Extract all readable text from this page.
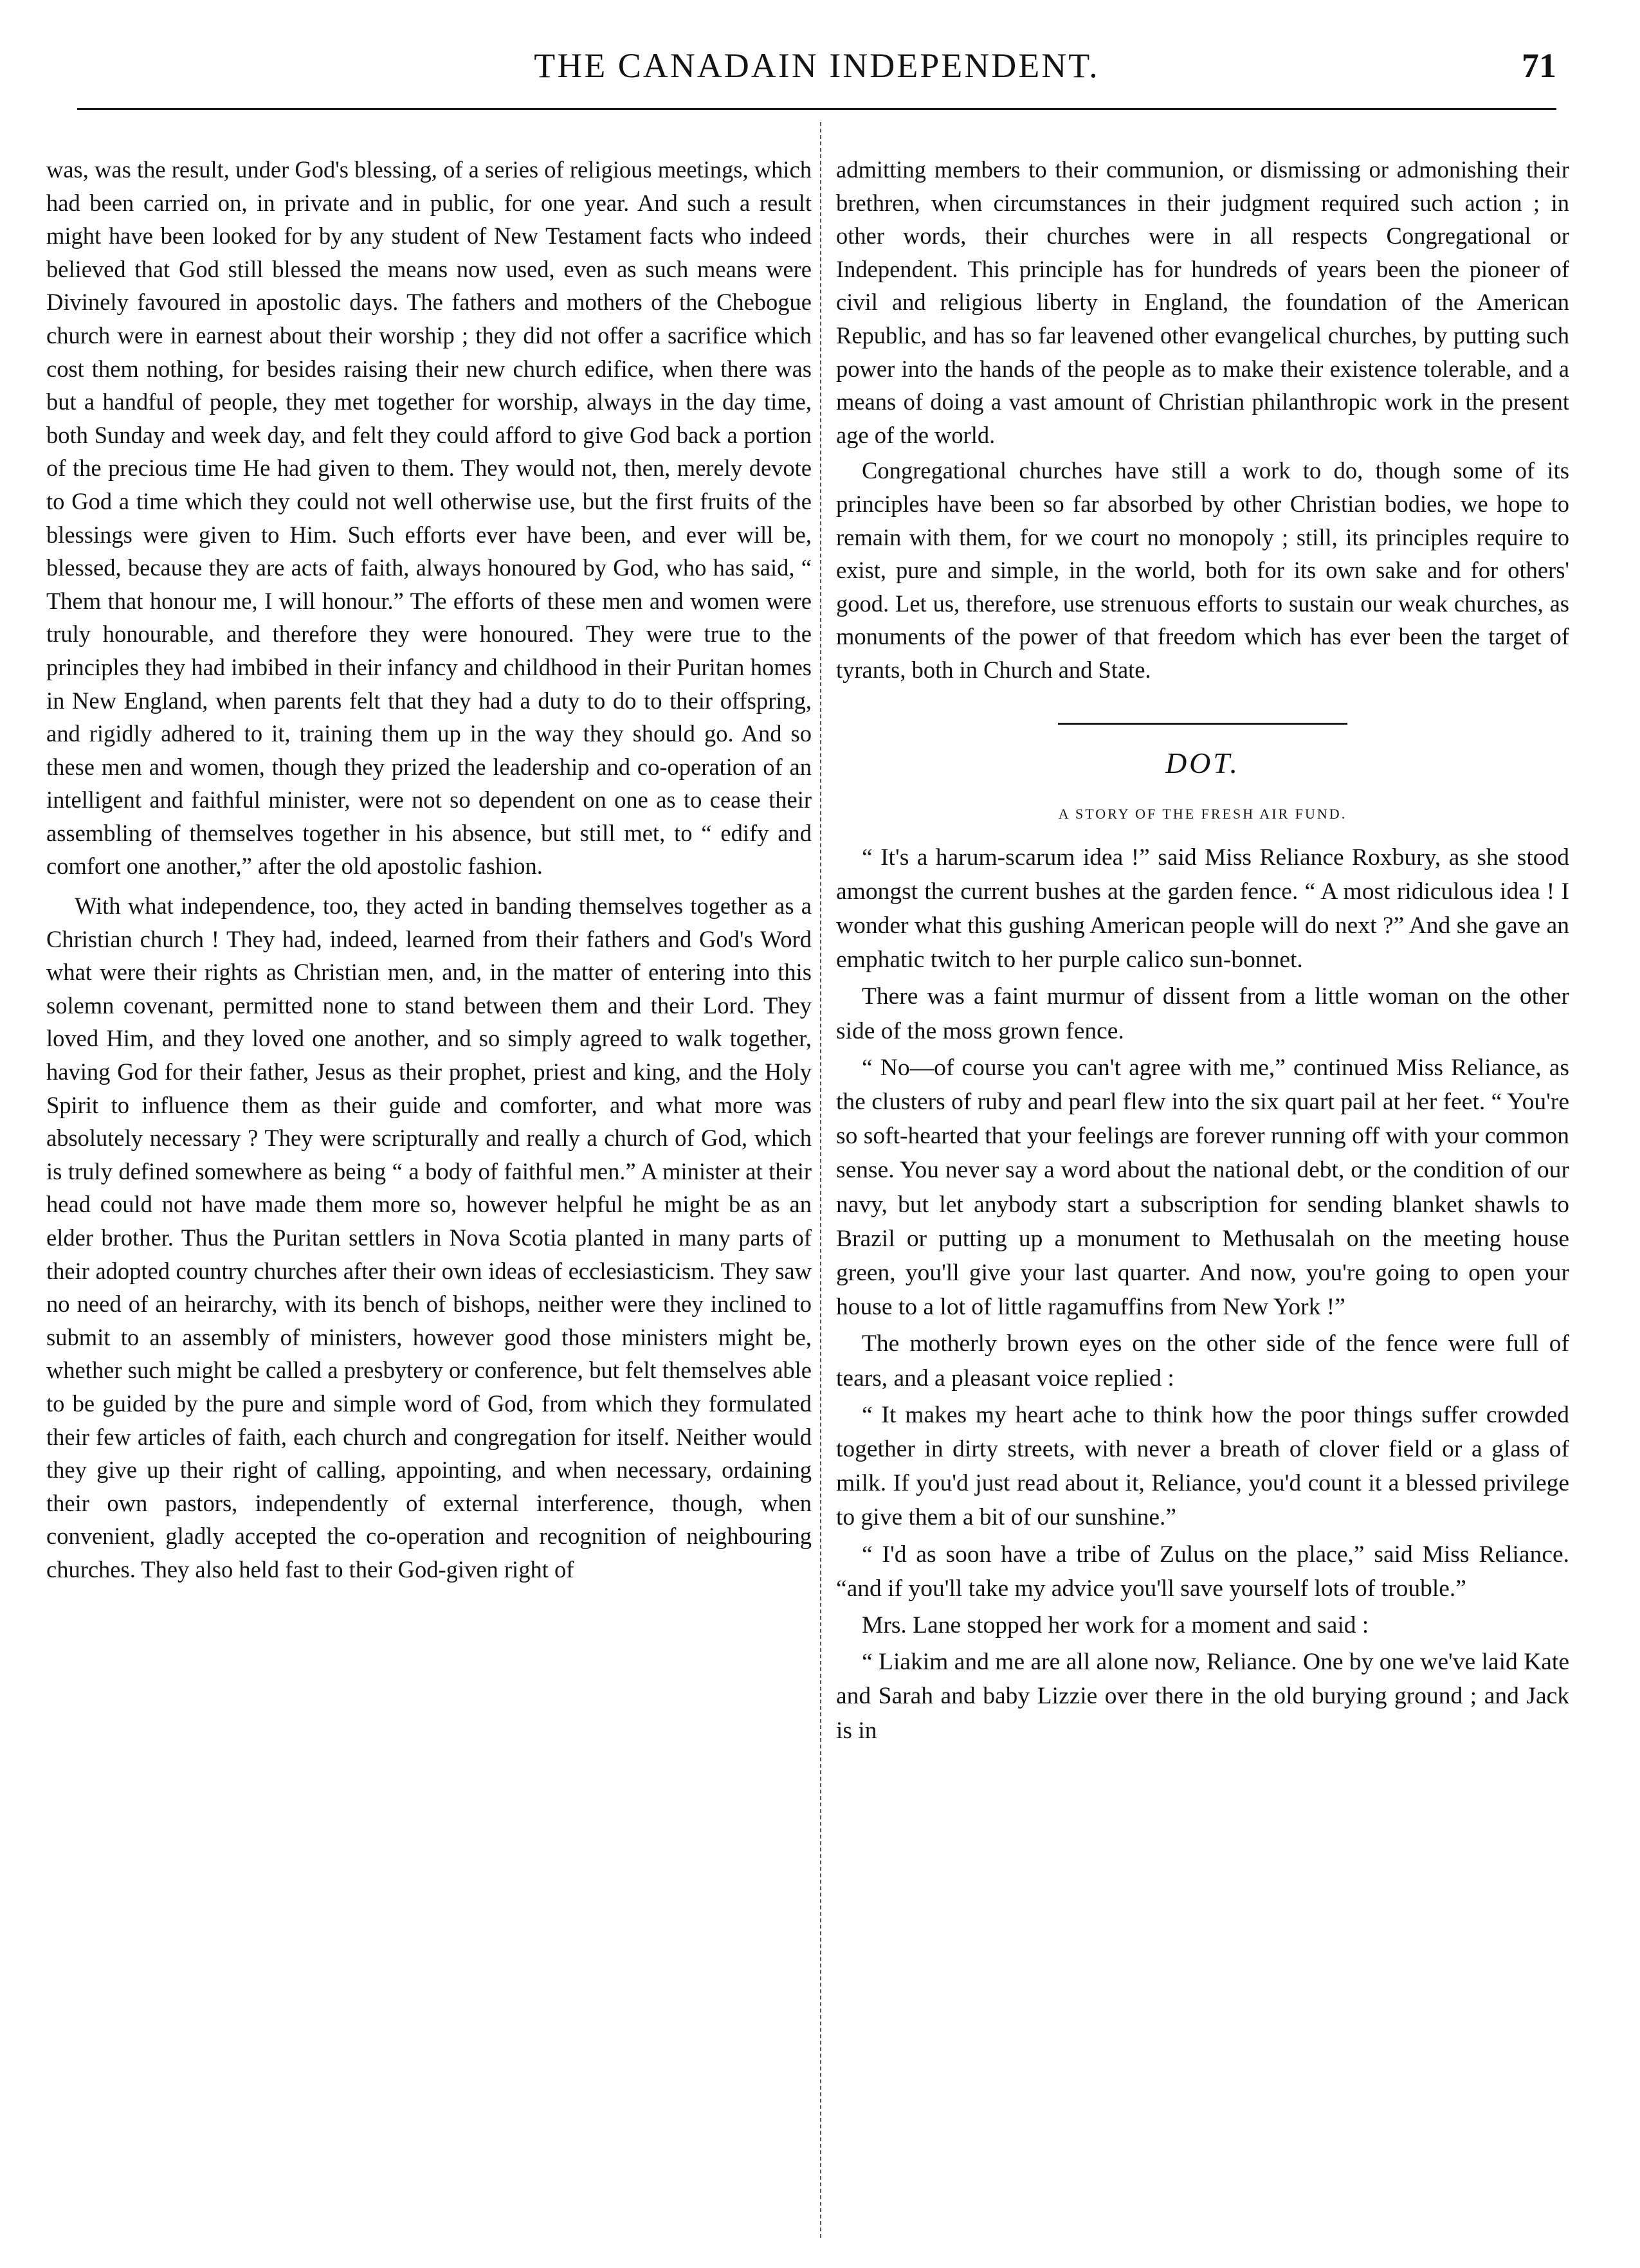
THE CANADAIN INDEPENDENT.	71

was, was the result, under God's blessing, of a series of religious meetings, which had been carried on, in private and in public, for one year. And such a result might have been looked for by any student of New Testament facts who indeed believed that God still blessed the means now used, even as such means were Divinely favoured in apostolic days. The fathers and mothers of the Chebogue church were in earnest about their worship ; they did not offer a sacrifice which cost them nothing, for besides raising their new church edifice, when there was but a handful of people, they met together for worship, always in the day time, both Sunday and week day, and felt they could afford to give God back a portion of the precious time He had given to them. They would not, then, merely devote to God a time which they could not well otherwise use, but the first fruits of the blessings were given to Him. Such efforts ever have been, and ever will be, blessed, because they are acts of faith, always honoured by God, who has said, “ Them that honour me, I will honour.” The efforts of these men and women were truly honourable, and therefore they were honoured. They were true to the principles they had imbibed in their infancy and childhood in their Puritan homes in New England, when parents felt that they had a duty to do to their offspring, and rigidly adhered to it, training them up in the way they should go. And so these men and women, though they prized the leadership and co-operation of an intelligent and faithful minister, were not so dependent on one as to cease their assembling of themselves together in his absence, but still met, to “ edify and comfort one another,” after the old apostolic fashion.

With what independence, too, they acted in banding themselves together as a Christian church ! They had, indeed, learned from their fathers and God's Word what were their rights as Christian men, and, in the matter of entering into this solemn covenant, permitted none to stand between them and their Lord. They loved Him, and they loved one another, and so simply agreed to walk together, having God for their father, Jesus as their prophet, priest and king, and the Holy Spirit to influence them as their guide and comforter, and what more was absolutely necessary ? They were scripturally and really a church of God, which is truly defined somewhere as being “ a body of faithful men.” A minister at their head could not have made them more so, however helpful he might be as an elder brother. Thus the Puritan settlers in Nova Scotia planted in many parts of their adopted country churches after their own ideas of ecclesiasticism. They saw no need of an heirarchy, with its bench of bishops, neither were they inclined to submit to an assembly of ministers, however good those ministers might be, whether such might be called a presbytery or conference, but felt themselves able to be guided by the pure and simple word of God, from which they formulated their few articles of faith, each church and congregation for itself. Neither would they give up their right of calling, appointing, and when necessary, ordaining their own pastors, independently of external interference, though, when convenient, gladly accepted the co-operation and recognition of neighbouring churches. They also held fast to their God-given right of

admitting members to their communion, or dismissing or admonishing their brethren, when circumstances in their judgment required such action ; in other words, their churches were in all respects Congregational or Independent. This principle has for hundreds of years been the pioneer of civil and religious liberty in England, the foundation of the American Republic, and has so far leavened other evangelical churches, by putting such power into the hands of the people as to make their existence tolerable, and a means of doing a vast amount of Christian philanthropic work in the present age of the world.

Congregational churches have still a work to do, though some of its principles have been so far absorbed by other Christian bodies, we hope to remain with them, for we court no monopoly ; still, its principles require to exist, pure and simple, in the world, both for its own sake and for others' good. Let us, therefore, use strenuous efforts to sustain our weak churches, as monuments of the power of that freedom which has ever been the target of tyrants, both in Church and State.

DOT.
A STORY OF THE FRESH AIR FUND.

“ It's a harum-scarum idea !” said Miss Reliance Roxbury, as she stood amongst the current bushes at the garden fence. “ A most ridiculous idea ! I wonder what this gushing American people will do next ?” And she gave an emphatic twitch to her purple calico sun-bonnet.

There was a faint murmur of dissent from a little woman on the other side of the moss grown fence.

“ No—of course you can't agree with me,” continued Miss Reliance, as the clusters of ruby and pearl flew into the six quart pail at her feet. “ You're so soft-hearted that your feelings are forever running off with your common sense. You never say a word about the national debt, or the condition of our navy, but let anybody start a subscription for sending blanket shawls to Brazil or putting up a monument to Methusalah on the meeting house green, you'll give your last quarter. And now, you're going to open your house to a lot of little ragamuffins from New York !”

The motherly brown eyes on the other side of the fence were full of tears, and a pleasant voice replied :

“ It makes my heart ache to think how the poor things suffer crowded together in dirty streets, with never a breath of clover field or a glass of milk. If you'd just read about it, Reliance, you'd count it a blessed privilege to give them a bit of our sunshine.”

“ I'd as soon have a tribe of Zulus on the place,” said Miss Reliance. “and if you'll take my advice you'll save yourself lots of trouble.”

Mrs. Lane stopped her work for a moment and said :

“ Liakim and me are all alone now, Reliance. One by one we've laid Kate and Sarah and baby Lizzie over there in the old burying ground ; and Jack is in
